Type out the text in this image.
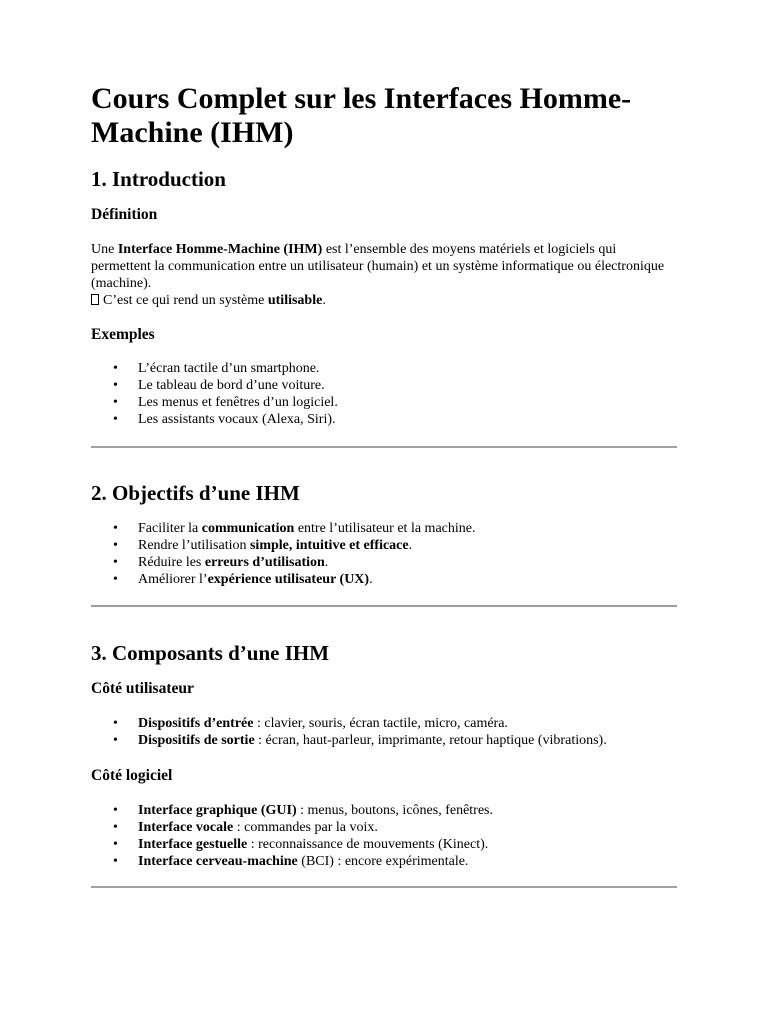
Cours Complet sur les Interfaces Homme-Machine (IHM)
1. Introduction
Définition

Une Interface Homme-Machine (IHM) est l’ensemble des moyens matériels et logiciels qui permettent la communication entre un utilisateur (humain) et un système informatique ou électronique (machine).
C’est ce qui rend un système utilisable.

Exemples
• L’écran tactile d’un smartphone.
• Le tableau de bord d’une voiture.
• Les menus et fenêtres d’un logiciel.
• Les assistants vocaux (Alexa, Siri).
2. Objectifs d’une IHM
• Faciliter la communication entre l’utilisateur et la machine.
• Rendre l’utilisation simple, intuitive et efficace.
• Réduire les erreurs d’utilisation.
• Améliorer l’expérience utilisateur (UX).
3. Composants d’une IHM
Côté utilisateur
• Dispositifs d’entrée : clavier, souris, écran tactile, micro, caméra.
• Dispositifs de sortie : écran, haut-parleur, imprimante, retour haptique (vibrations).
Côté logiciel
• Interface graphique (GUI) : menus, boutons, icônes, fenêtres.
• Interface vocale : commandes par la voix.
• Interface gestuelle : reconnaissance de mouvements (Kinect).
• Interface cerveau-machine (BCI) : encore expérimentale.
